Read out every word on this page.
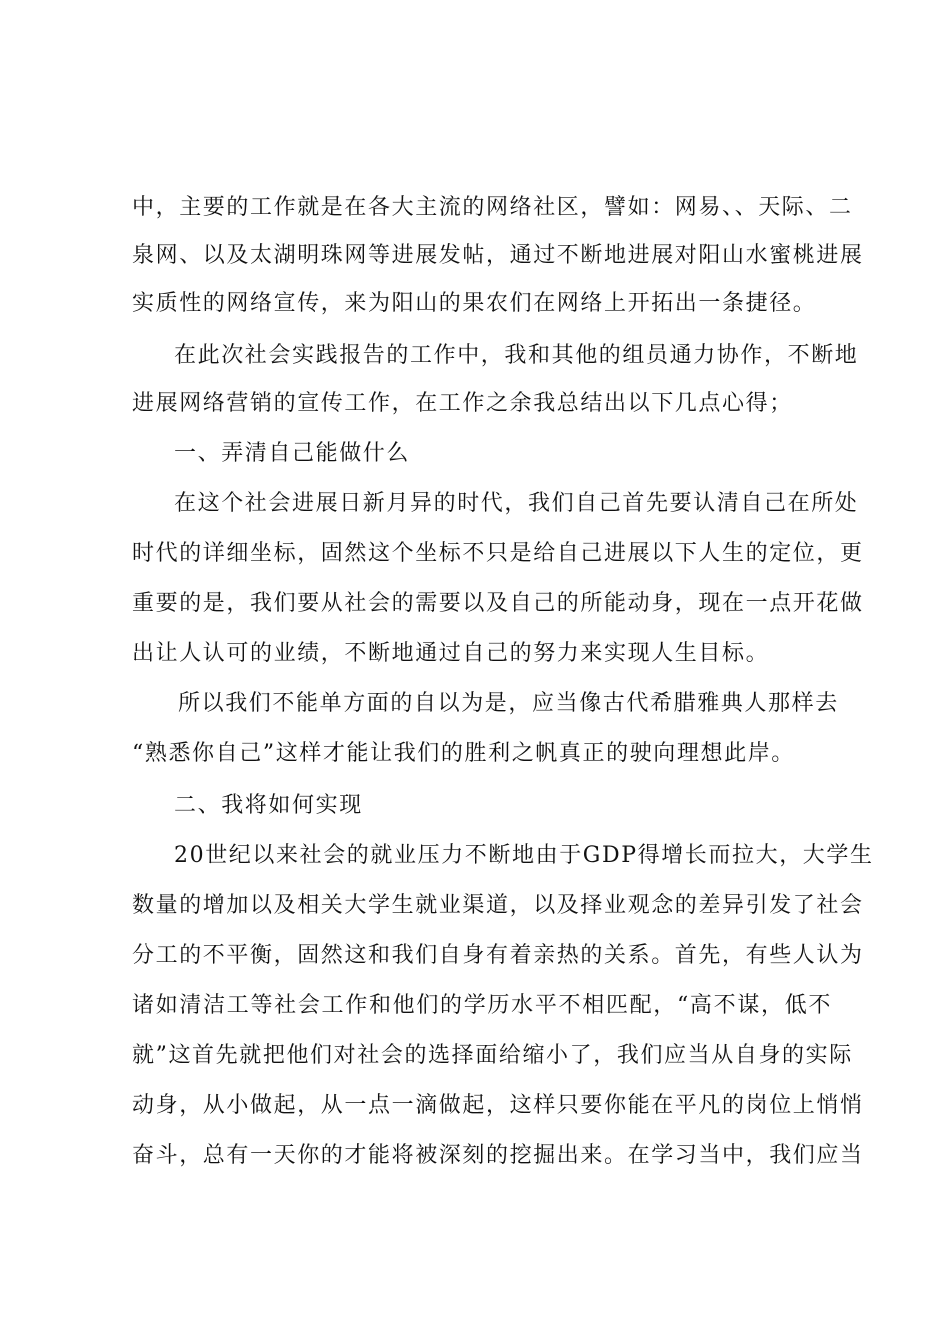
中，主要的工作就是在各大主流的网络社区，譬如：网易、、天际、二
泉网、以及太湖明珠网等进展发帖，通过不断地进展对阳山水蜜桃进展
实质性的网络宣传，来为阳山的果农们在网络上开拓出一条捷径。
在此次社会实践报告的工作中，我和其他的组员通力协作，不断地
进展网络营销的宣传工作，在工作之余我总结出以下几点心得；
一、弄清自己能做什么
在这个社会进展日新月异的时代，我们自己首先要认清自己在所处
时代的详细坐标，固然这个坐标不只是给自己进展以下人生的定位，更
重要的是，我们要从社会的需要以及自己的所能动身，现在一点开花做
出让人认可的业绩，不断地通过自己的努力来实现人生目标。
所以我们不能单方面的自以为是，应当像古代希腊雅典人那样去
“熟悉你自己”这样才能让我们的胜利之帆真正的驶向理想此岸。
二、我将如何实现
20世纪以来社会的就业压力不断地由于GDP得增长而拉大，大学生
数量的增加以及相关大学生就业渠道，以及择业观念的差异引发了社会
分工的不平衡，固然这和我们自身有着亲热的关系。首先，有些人认为
诸如清洁工等社会工作和他们的学历水平不相匹配，“高不谋，低不
就”这首先就把他们对社会的选择面给缩小了，我们应当从自身的实际
动身，从小做起，从一点一滴做起，这样只要你能在平凡的岗位上悄悄
奋斗，总有一天你的才能将被深刻的挖掘出来。在学习当中，我们应当
